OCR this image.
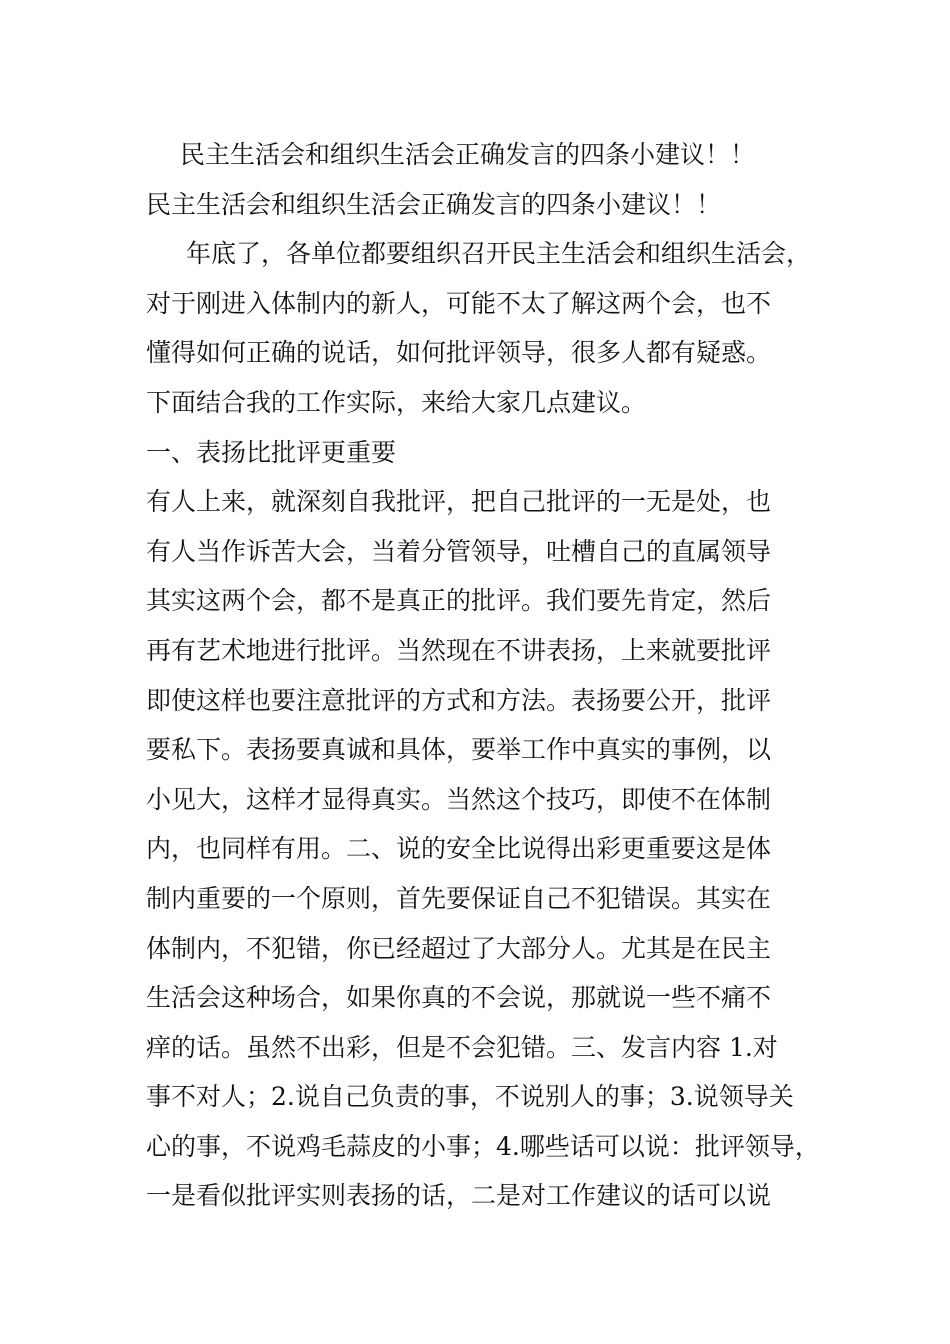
民主生活会和组织生活会正确发言的四条小建议！！
民主生活会和组织生活会正确发言的四条小建议！！
年底了，各单位都要组织召开民主生活会和组织生活会，
对于刚进入体制内的新人，可能不太了解这两个会，也不
懂得如何正确的说话，如何批评领导，很多人都有疑惑。
下面结合我的工作实际，来给大家几点建议。
一、表扬比批评更重要
有人上来，就深刻自我批评，把自己批评的一无是处，也
有人当作诉苦大会，当着分管领导，吐槽自己的直属领导
其实这两个会，都不是真正的批评。我们要先肯定，然后
再有艺术地进行批评。当然现在不讲表扬，上来就要批评
即使这样也要注意批评的方式和方法。表扬要公开，批评
要私下。表扬要真诚和具体，要举工作中真实的事例，以
小见大，这样才显得真实。当然这个技巧，即使不在体制
内，也同样有用。二、说的安全比说得出彩更重要这是体
制内重要的一个原则，首先要保证自己不犯错误。其实在
体制内，不犯错，你已经超过了大部分人。尤其是在民主
生活会这种场合，如果你真的不会说，那就说一些不痛不
痒的话。虽然不出彩，但是不会犯错。三、发言内容 1.对
事不对人；2.说自己负责的事，不说别人的事；3.说领导关
心的事，不说鸡毛蒜皮的小事；4.哪些话可以说：批评领导，
一是看似批评实则表扬的话，二是对工作建议的话可以说
